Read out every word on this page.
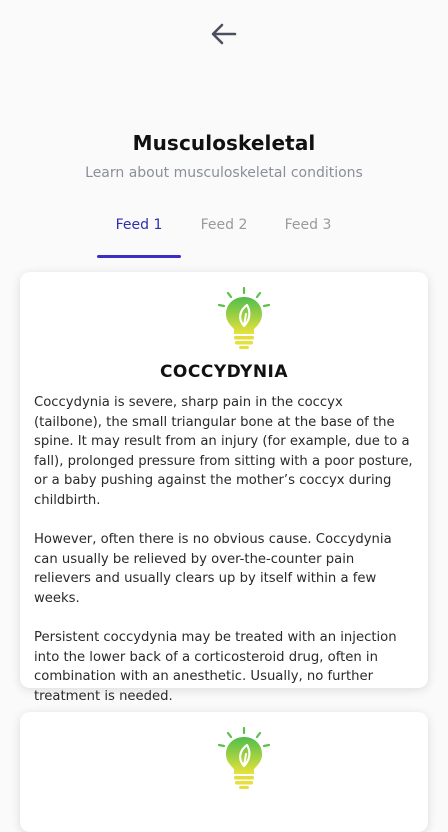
Musculoskeletal
Learn about musculoskeletal conditions
Feed 1	Feed 2	Feed 3
COCCYDYNIA

Coccydynia is severe, sharp pain in the coccyx (tailbone), the small triangular bone at the base of the spine. It may result from an injury (for example, due to a fall), prolonged pressure from sitting with a poor posture, or a baby pushing against the mother’s coccyx during childbirth.

However, often there is no obvious cause. Coccydynia can usually be relieved by over-the-counter pain relievers and usually clears up by itself within a few weeks.

Persistent coccydynia may be treated with an injection into the lower back of a corticosteroid drug, often in combination with an anesthetic. Usually, no further treatment is needed.
